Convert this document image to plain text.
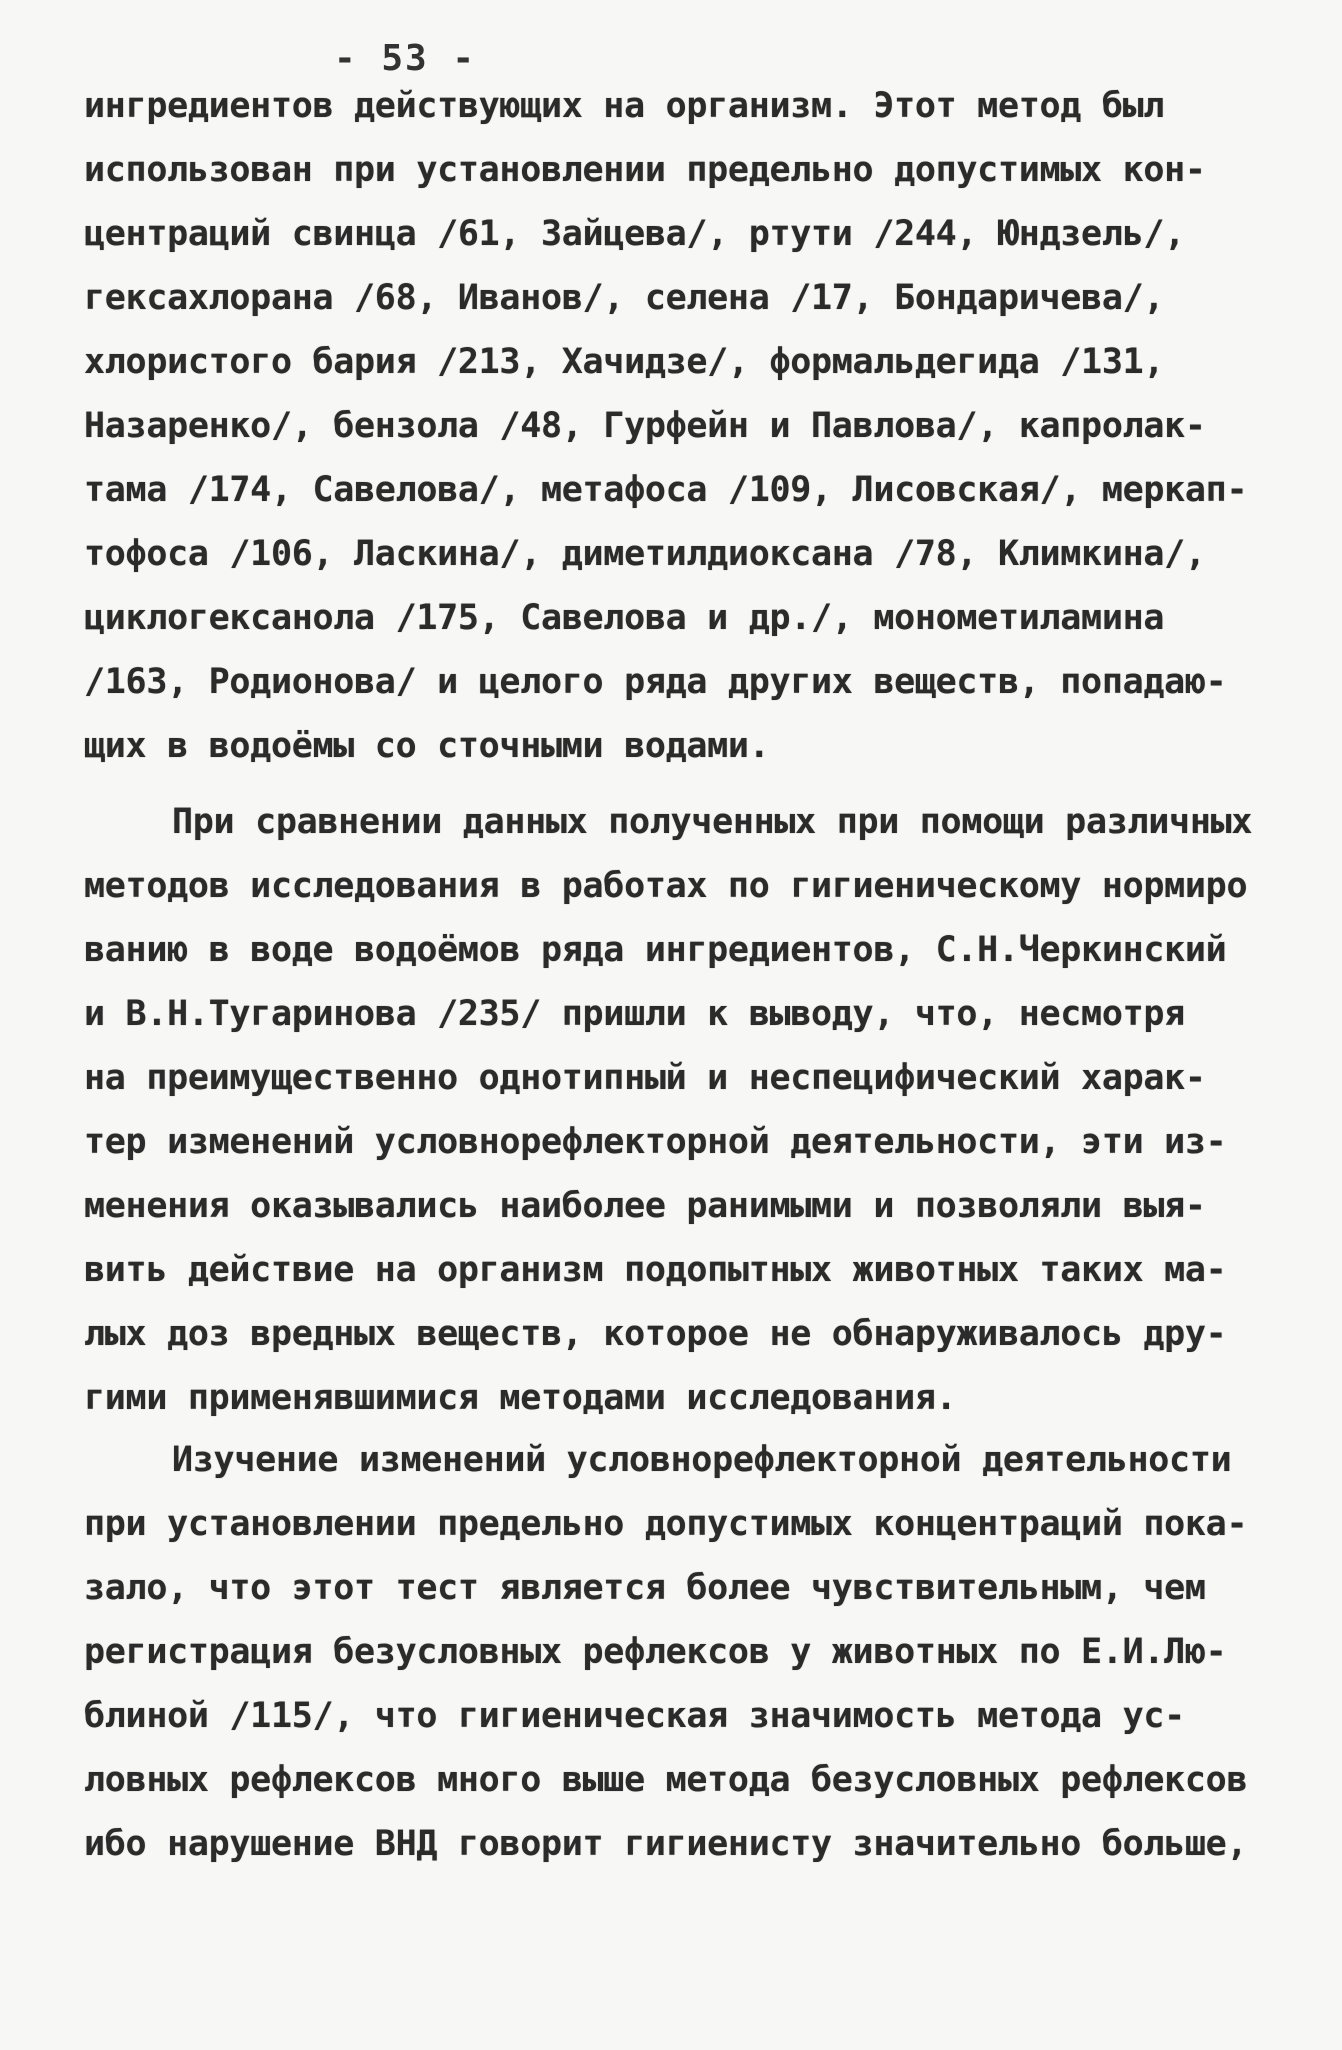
- 53 -
ингредиентов действующих на организм. Этот метод был
использован при установлении предельно допустимых кон-
центраций свинца /61, Зайцева/, ртути /244, Юндзель/,
гексахлорана /68, Иванов/, селена /17, Бондаричева/,
хлористого бария /213, Хачидзе/, формальдегида /131,
Назаренко/, бензола /48, Гурфейн и Павлова/, капролак-
тама /174, Савелова/, метафоса /109, Лисовская/, меркап-
тофоса /106, Ласкина/, диметилдиоксана /78, Климкина/,
циклогексанола /175, Савелова и др./, монометиламина
/163, Родионова/ и целого ряда других веществ, попадаю-
щих в водоёмы со сточными водами.
При сравнении данных полученных при помощи различных
методов исследования в работах по гигиеническому нормиро
ванию в воде водоёмов ряда ингредиентов, С.Н.Черкинский
и В.Н.Тугаринова /235/ пришли к выводу, что, несмотря
на преимущественно однотипный и неспецифический харак-
тер изменений условнорефлекторной деятельности, эти из-
менения оказывались наиболее ранимыми и позволяли выя-
вить действие на организм подопытных животных таких ма-
лых доз вредных веществ, которое не обнаруживалось дру-
гими применявшимися методами исследования.
Изучение изменений условнорефлекторной деятельности
при установлении предельно допустимых концентраций пока-
зало, что этот тест является более чувствительным, чем
регистрация безусловных рефлексов у животных по Е.И.Лю-
блиной /115/, что гигиеническая значимость метода ус-
ловных рефлексов много выше метода безусловных рефлексов
ибо нарушение ВНД говорит гигиенисту значительно больше,
